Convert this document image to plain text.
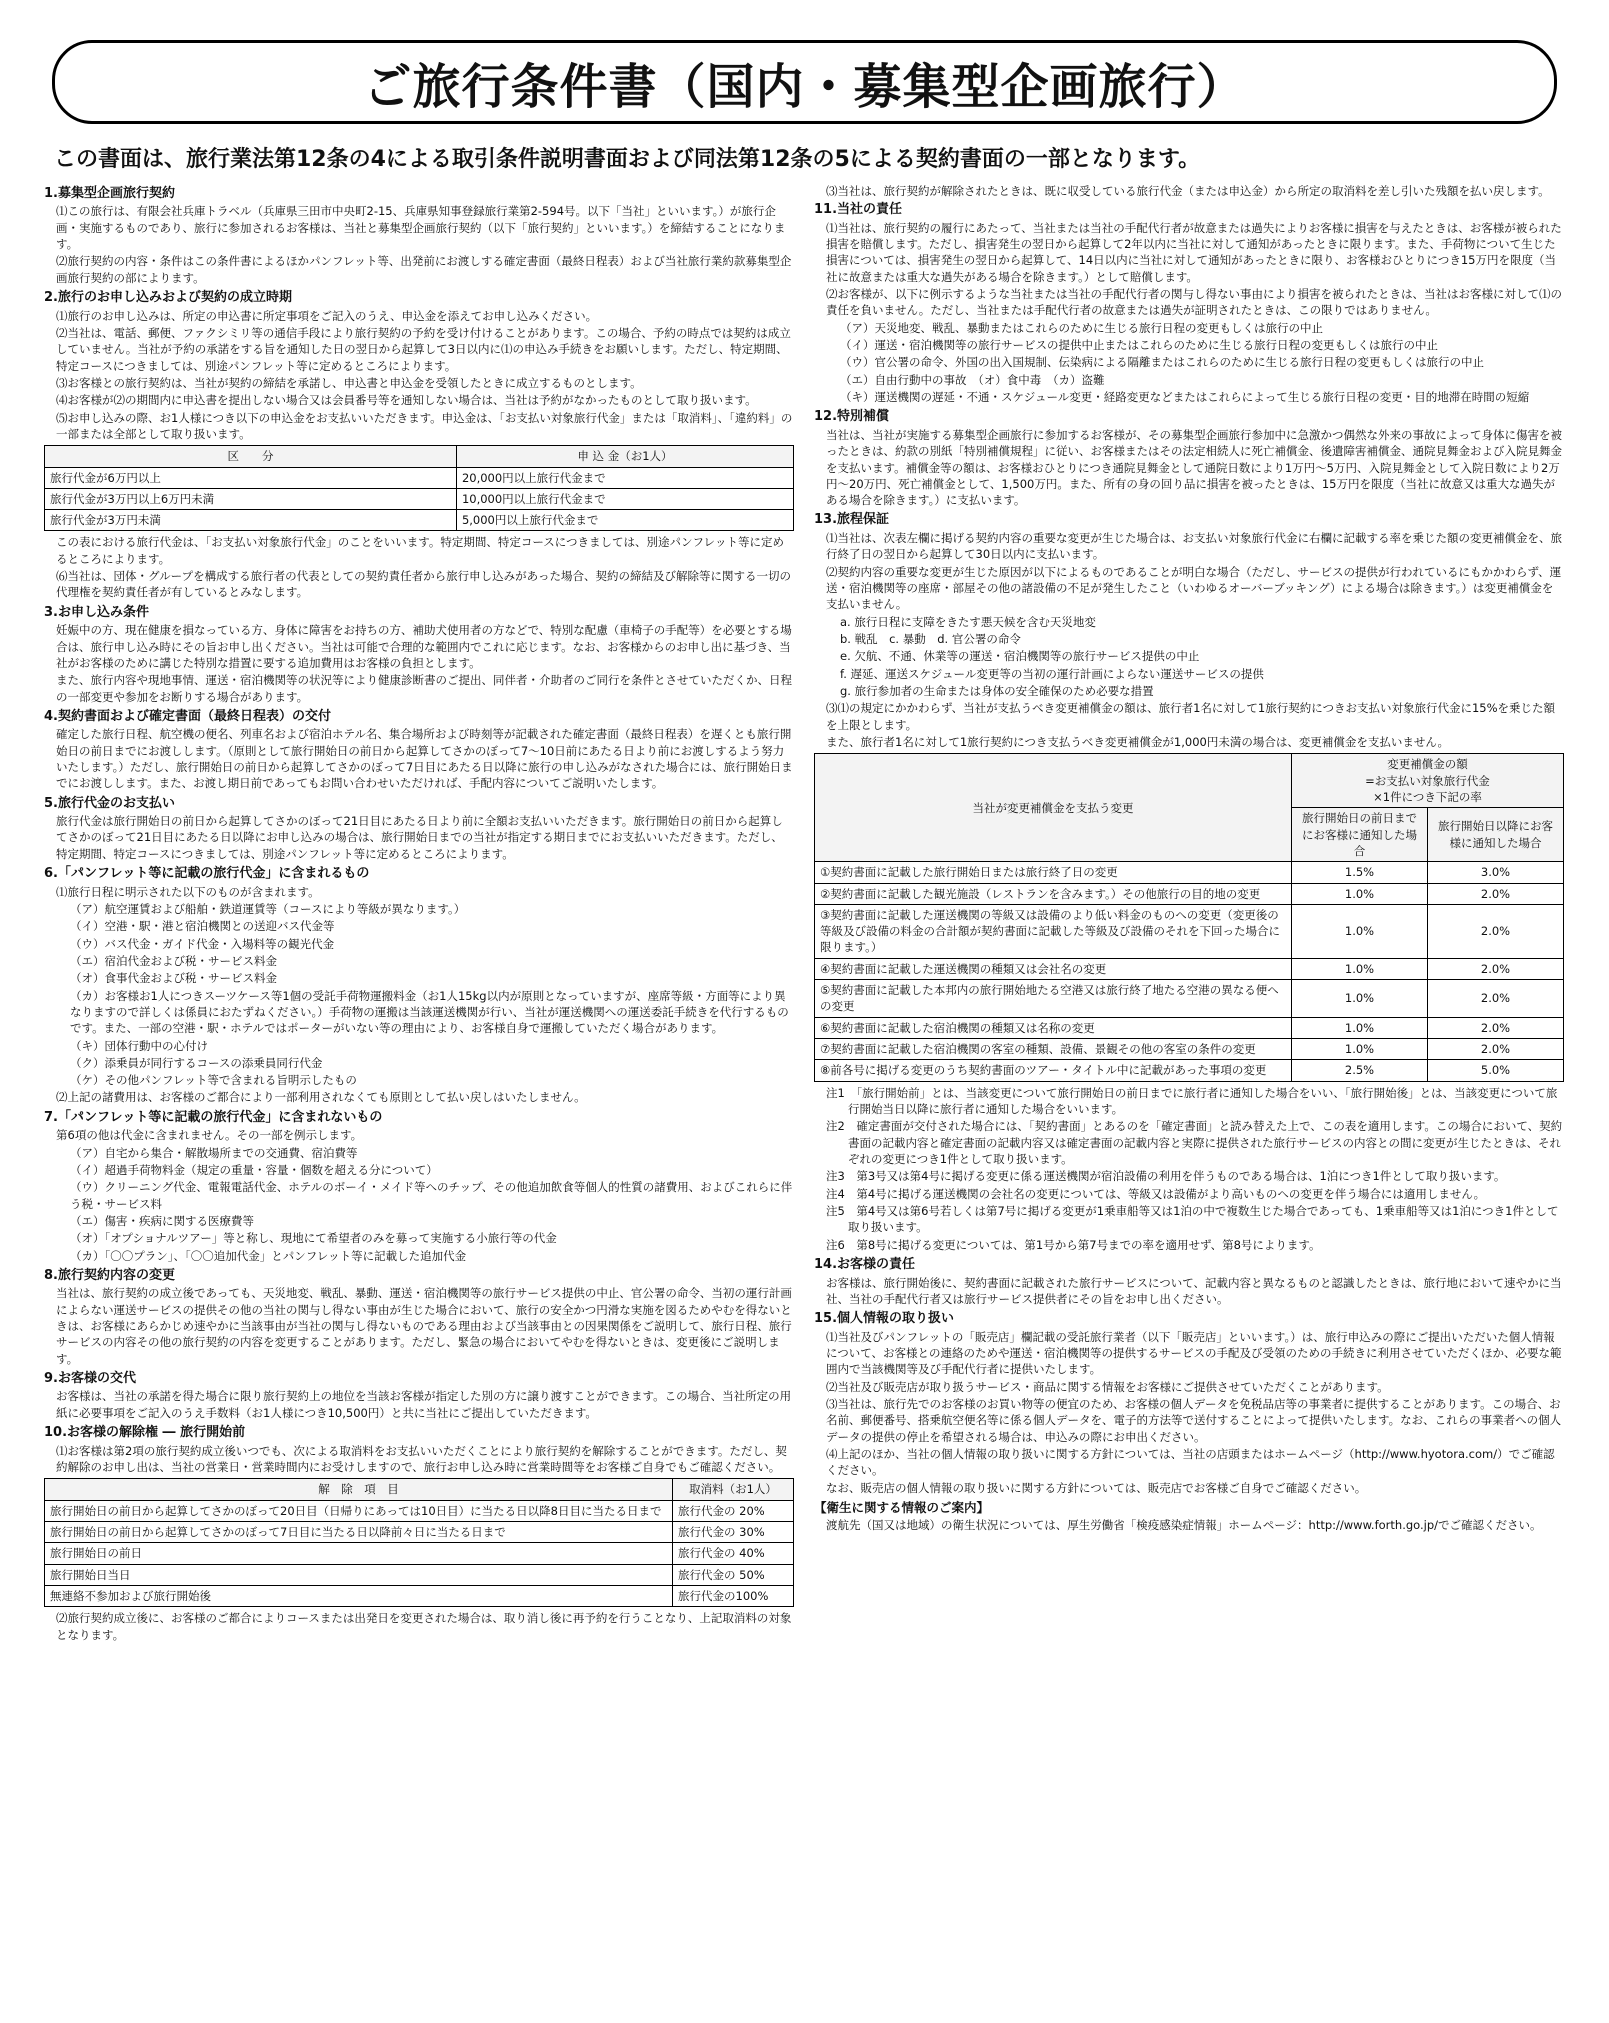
ご旅行条件書（国内・募集型企画旅行）
この書面は、旅行業法第12条の4による取引条件説明書面および同法第12条の5による契約書面の一部となります。
1.募集型企画旅行契約
⑴この旅行は、有限会社兵庫トラベル（兵庫県三田市中央町2-15、兵庫県知事登録旅行業第2-594号。以下「当社」といいます。）が旅行企画・実施するものであり、旅行に参加されるお客様は、当社と募集型企画旅行契約（以下「旅行契約」といいます。）を締結することになります。
⑵旅行契約の内容・条件はこの条件書によるほかパンフレット等、出発前にお渡しする確定書面（最終日程表）および当社旅行業約款募集型企画旅行契約の部によります。
2.旅行のお申し込みおよび契約の成立時期
⑴旅行のお申し込みは、所定の申込書に所定事項をご記入のうえ、申込金を添えてお申し込みください。
⑵当社は、電話、郵便、ファクシミリ等の通信手段により旅行契約の予約を受け付けることがあります。この場合、予約の時点では契約は成立していません。当社が予約の承諾をする旨を通知した日の翌日から起算して3日以内に⑴の申込み手続きをお願いします。ただし、特定期間、特定コースにつきましては、別途パンフレット等に定めるところによります。
⑶お客様との旅行契約は、当社が契約の締結を承諾し、申込書と申込金を受領したときに成立するものとします。
⑷お客様が⑵の期間内に申込書を提出しない場合又は会員番号等を通知しない場合は、当社は予約がなかったものとして取り扱います。
⑸お申し込みの際、お1人様につき以下の申込金をお支払いいただきます。申込金は、「お支払い対象旅行代金」または「取消料」、「違約料」の一部または全部として取り扱います。
区　　分	申 込 金（お1人）
旅行代金が6万円以上	20,000円以上旅行代金まで
旅行代金が3万円以上6万円未満	10,000円以上旅行代金まで
旅行代金が3万円未満	5,000円以上旅行代金まで
この表における旅行代金は、「お支払い対象旅行代金」のことをいいます。特定期間、特定コースにつきましては、別途パンフレット等に定めるところによります。
⑹当社は、団体・グループを構成する旅行者の代表としての契約責任者から旅行申し込みがあった場合、契約の締結及び解除等に関する一切の代理権を契約責任者が有しているとみなします。
3.お申し込み条件
妊娠中の方、現在健康を損なっている方、身体に障害をお持ちの方、補助犬使用者の方などで、特別な配慮（車椅子の手配等）を必要とする場合は、旅行申し込み時にその旨お申し出ください。当社は可能で合理的な範囲内でこれに応じます。なお、お客様からのお申し出に基づき、当社がお客様のために講じた特別な措置に要する追加費用はお客様の負担とします。
また、旅行内容や現地事情、運送・宿泊機関等の状況等により健康診断書のご提出、同伴者・介助者のご同行を条件とさせていただくか、日程の一部変更や参加をお断りする場合があります。
4.契約書面および確定書面（最終日程表）の交付
確定した旅行日程、航空機の便名、列車名および宿泊ホテル名、集合場所および時刻等が記載された確定書面（最終日程表）を遅くとも旅行開始日の前日までにお渡しします。（原則として旅行開始日の前日から起算してさかのぼって7〜10日前にあたる日より前にお渡しするよう努力いたします。）ただし、旅行開始日の前日から起算してさかのぼって7日目にあたる日以降に旅行の申し込みがなされた場合には、旅行開始日までにお渡しします。また、お渡し期日前であってもお問い合わせいただければ、手配内容についてご説明いたします。
5.旅行代金のお支払い
旅行代金は旅行開始日の前日から起算してさかのぼって21日目にあたる日より前に全額お支払いいただきます。旅行開始日の前日から起算してさかのぼって21日目にあたる日以降にお申し込みの場合は、旅行開始日までの当社が指定する期日までにお支払いいただきます。ただし、特定期間、特定コースにつきましては、別途パンフレット等に定めるところによります。
6.「パンフレット等に記載の旅行代金」に含まれるもの
⑴旅行日程に明示された以下のものが含まれます。
（ア）航空運賃および船舶・鉄道運賃等（コースにより等級が異なります。）
（イ）空港・駅・港と宿泊機関との送迎バス代金等
（ウ）バス代金・ガイド代金・入場料等の観光代金
（エ）宿泊代金および税・サービス料金
（オ）食事代金および税・サービス料金
（カ）お客様お1人につきスーツケース等1個の受託手荷物運搬料金（お1人15kg以内が原則となっていますが、座席等級・方面等により異なりますので詳しくは係員におたずねください。）手荷物の運搬は当該運送機関が行い、当社が運送機関への運送委託手続きを代行するものです。また、一部の空港・駅・ホテルではポーターがいない等の理由により、お客様自身で運搬していただく場合があります。
（キ）団体行動中の心付け
（ク）添乗員が同行するコースの添乗員同行代金
（ケ）その他パンフレット等で含まれる旨明示したもの
⑵上記の諸費用は、お客様のご都合により一部利用されなくても原則として払い戻しはいたしません。
7.「パンフレット等に記載の旅行代金」に含まれないもの
第6項の他は代金に含まれません。その一部を例示します。
（ア）自宅から集合・解散場所までの交通費、宿泊費等
（イ）超過手荷物料金（規定の重量・容量・個数を超える分について）
（ウ）クリーニング代金、電報電話代金、ホテルのボーイ・メイド等へのチップ、その他追加飲食等個人的性質の諸費用、およびこれらに伴う税・サービス料
（エ）傷害・疾病に関する医療費等
（オ）「オプショナルツアー」等と称し、現地にて希望者のみを募って実施する小旅行等の代金
（カ）「〇〇プラン」、「〇〇追加代金」とパンフレット等に記載した追加代金
8.旅行契約内容の変更
当社は、旅行契約の成立後であっても、天災地変、戦乱、暴動、運送・宿泊機関等の旅行サービス提供の中止、官公署の命令、当初の運行計画によらない運送サービスの提供その他の当社の関与し得ない事由が生じた場合において、旅行の安全かつ円滑な実施を図るためやむを得ないときは、お客様にあらかじめ速やかに当該事由が当社の関与し得ないものである理由および当該事由との因果関係をご説明して、旅行日程、旅行サービスの内容その他の旅行契約の内容を変更することがあります。ただし、緊急の場合においてやむを得ないときは、変更後にご説明します。
9.お客様の交代
お客様は、当社の承諾を得た場合に限り旅行契約上の地位を当該お客様が指定した別の方に譲り渡すことができます。この場合、当社所定の用紙に必要事項をご記入のうえ手数料（お1人様につき10,500円）と共に当社にご提出していただきます。
10.お客様の解除権 ― 旅行開始前
⑴お客様は第2項の旅行契約成立後いつでも、次による取消料をお支払いいただくことにより旅行契約を解除することができます。ただし、契約解除のお申し出は、当社の営業日・営業時間内にお受けしますので、旅行お申し込み時に営業時間等をお客様ご自身でもご確認ください。
解　除　項　目	取消料（お1人）
旅行開始日の前日から起算してさかのぼって20日目（日帰りにあっては10日目）に当たる日以降8日目に当たる日まで	旅行代金の 20%
旅行開始日の前日から起算してさかのぼって7日目に当たる日以降前々日に当たる日まで	旅行代金の 30%
旅行開始日の前日	旅行代金の 40%
旅行開始日当日	旅行代金の 50%
無連絡不参加および旅行開始後	旅行代金の100%
⑵旅行契約成立後に、お客様のご都合によりコースまたは出発日を変更された場合は、取り消し後に再予約を行うことなり、上記取消料の対象となります。
⑶当社は、旅行契約が解除されたときは、既に収受している旅行代金（または申込金）から所定の取消料を差し引いた残額を払い戻します。
11.当社の責任
⑴当社は、旅行契約の履行にあたって、当社または当社の手配代行者が故意または過失によりお客様に損害を与えたときは、お客様が被られた損害を賠償します。ただし、損害発生の翌日から起算して2年以内に当社に対して通知があったときに限ります。また、手荷物について生じた損害については、損害発生の翌日から起算して、14日以内に当社に対して通知があったときに限り、お客様おひとりにつき15万円を限度（当社に故意または重大な過失がある場合を除きます。）として賠償します。
⑵お客様が、以下に例示するような当社または当社の手配代行者の関与し得ない事由により損害を被られたときは、当社はお客様に対して⑴の責任を負いません。ただし、当社または手配代行者の故意または過失が証明されたときは、この限りではありません。
（ア）天災地変、戦乱、暴動またはこれらのために生じる旅行日程の変更もしくは旅行の中止
（イ）運送・宿泊機関等の旅行サービスの提供中止またはこれらのために生じる旅行日程の変更もしくは旅行の中止
（ウ）官公署の命令、外国の出入国規制、伝染病による隔離またはこれらのために生じる旅行日程の変更もしくは旅行の中止
（エ）自由行動中の事故　（オ）食中毒　（カ）盗難
（キ）運送機関の遅延・不通・スケジュール変更・経路変更などまたはこれらによって生じる旅行日程の変更・目的地滞在時間の短縮
12.特別補償
当社は、当社が実施する募集型企画旅行に参加するお客様が、その募集型企画旅行参加中に急激かつ偶然な外来の事故によって身体に傷害を被ったときは、約款の別紙「特別補償規程」に従い、お客様またはその法定相続人に死亡補償金、後遺障害補償金、通院見舞金および入院見舞金を支払います。補償金等の額は、お客様おひとりにつき通院見舞金として通院日数により1万円〜5万円、入院見舞金として入院日数により2万円〜20万円、死亡補償金として、1,500万円。また、所有の身の回り品に損害を被ったときは、15万円を限度（当社に故意又は重大な過失がある場合を除きます。）に支払います。
13.旅程保証
⑴当社は、次表左欄に掲げる契約内容の重要な変更が生じた場合は、お支払い対象旅行代金に右欄に記載する率を乗じた額の変更補償金を、旅行終了日の翌日から起算して30日以内に支払います。
⑵契約内容の重要な変更が生じた原因が以下によるものであることが明白な場合（ただし、サービスの提供が行われているにもかかわらず、運送・宿泊機関等の座席・部屋その他の諸設備の不足が発生したこと（いわゆるオーバーブッキング）による場合は除きます。）は変更補償金を支払いません。
a. 旅行日程に支障をきたす悪天候を含む天災地変
b. 戦乱　c. 暴動　d. 官公署の命令
e. 欠航、不通、休業等の運送・宿泊機関等の旅行サービス提供の中止
f. 遅延、運送スケジュール変更等の当初の運行計画によらない運送サービスの提供
g. 旅行参加者の生命または身体の安全確保のため必要な措置
⑶⑴の規定にかかわらず、当社が支払うべき変更補償金の額は、旅行者1名に対して1旅行契約につきお支払い対象旅行代金に15%を乗じた額を上限とします。
また、旅行者1名に対して1旅行契約につき支払うべき変更補償金が1,000円未満の場合は、変更補償金を支払いません。
当社が変更補償金を支払う変更	変更補償金の額
=お支払い対象旅行代金
×1件につき下記の率	
	旅行開始日の前日までにお客様に通知した場合	旅行開始日以降にお客様に通知した場合
①契約書面に記載した旅行開始日または旅行終了日の変更	1.5%	3.0%
②契約書面に記載した観光施設（レストランを含みます。）その他旅行の目的地の変更	1.0%	2.0%
③契約書面に記載した運送機関の等級又は設備のより低い料金のものへの変更（変更後の等級及び設備の料金の合計額が契約書面に記載した等級及び設備のそれを下回った場合に限ります。）	1.0%	2.0%
④契約書面に記載した運送機関の種類又は会社名の変更	1.0%	2.0%
⑤契約書面に記載した本邦内の旅行開始地たる空港又は旅行終了地たる空港の異なる便への変更	1.0%	2.0%
⑥契約書面に記載した宿泊機関の種類又は名称の変更	1.0%	2.0%
⑦契約書面に記載した宿泊機関の客室の種類、設備、景観その他の客室の条件の変更	1.0%	2.0%
⑧前各号に掲げる変更のうち契約書面のツアー・タイトル中に記載があった事項の変更	2.5%	5.0%
注1　「旅行開始前」とは、当該変更について旅行開始日の前日までに旅行者に通知した場合をいい、「旅行開始後」とは、当該変更について旅行開始当日以降に旅行者に通知した場合をいいます。
注2　確定書面が交付された場合には、「契約書面」とあるのを「確定書面」と読み替えた上で、この表を適用します。この場合において、契約書面の記載内容と確定書面の記載内容又は確定書面の記載内容と実際に提供された旅行サービスの内容との間に変更が生じたときは、それぞれの変更につき1件として取り扱います。
注3　第3号又は第4号に掲げる変更に係る運送機関が宿泊設備の利用を伴うものである場合は、1泊につき1件として取り扱います。
注4　第4号に掲げる運送機関の会社名の変更については、等級又は設備がより高いものへの変更を伴う場合には適用しません。
注5　第4号又は第6号若しくは第7号に掲げる変更が1乗車船等又は1泊の中で複数生じた場合であっても、1乗車船等又は1泊につき1件として取り扱います。
注6　第8号に掲げる変更については、第1号から第7号までの率を適用せず、第8号によります。
14.お客様の責任
お客様は、旅行開始後に、契約書面に記載された旅行サービスについて、記載内容と異なるものと認識したときは、旅行地において速やかに当社、当社の手配代行者又は旅行サービス提供者にその旨をお申し出ください。
15.個人情報の取り扱い
⑴当社及びパンフレットの「販売店」欄記載の受託旅行業者（以下「販売店」といいます。）は、旅行申込みの際にご提出いただいた個人情報について、お客様との連絡のためや運送・宿泊機関等の提供するサービスの手配及び受領のための手続きに利用させていただくほか、必要な範囲内で当該機関等及び手配代行者に提供いたします。
⑵当社及び販売店が取り扱うサービス・商品に関する情報をお客様にご提供させていただくことがあります。
⑶当社は、旅行先でのお客様のお買い物等の便宜のため、お客様の個人データを免税品店等の事業者に提供することがあります。この場合、お名前、郵便番号、搭乗航空便名等に係る個人データを、電子的方法等で送付することによって提供いたします。なお、これらの事業者への個人データの提供の停止を希望される場合は、申込みの際にお申出ください。
⑷上記のほか、当社の個人情報の取り扱いに関する方針については、当社の店頭またはホームページ（http://www.hyotora.com/）でご確認ください。
なお、販売店の個人情報の取り扱いに関する方針については、販売店でお客様ご自身でご確認ください。
【衛生に関する情報のご案内】
渡航先（国又は地域）の衛生状況については、厚生労働省「検疫感染症情報」ホームページ：http://www.forth.go.jp/でご確認ください。
